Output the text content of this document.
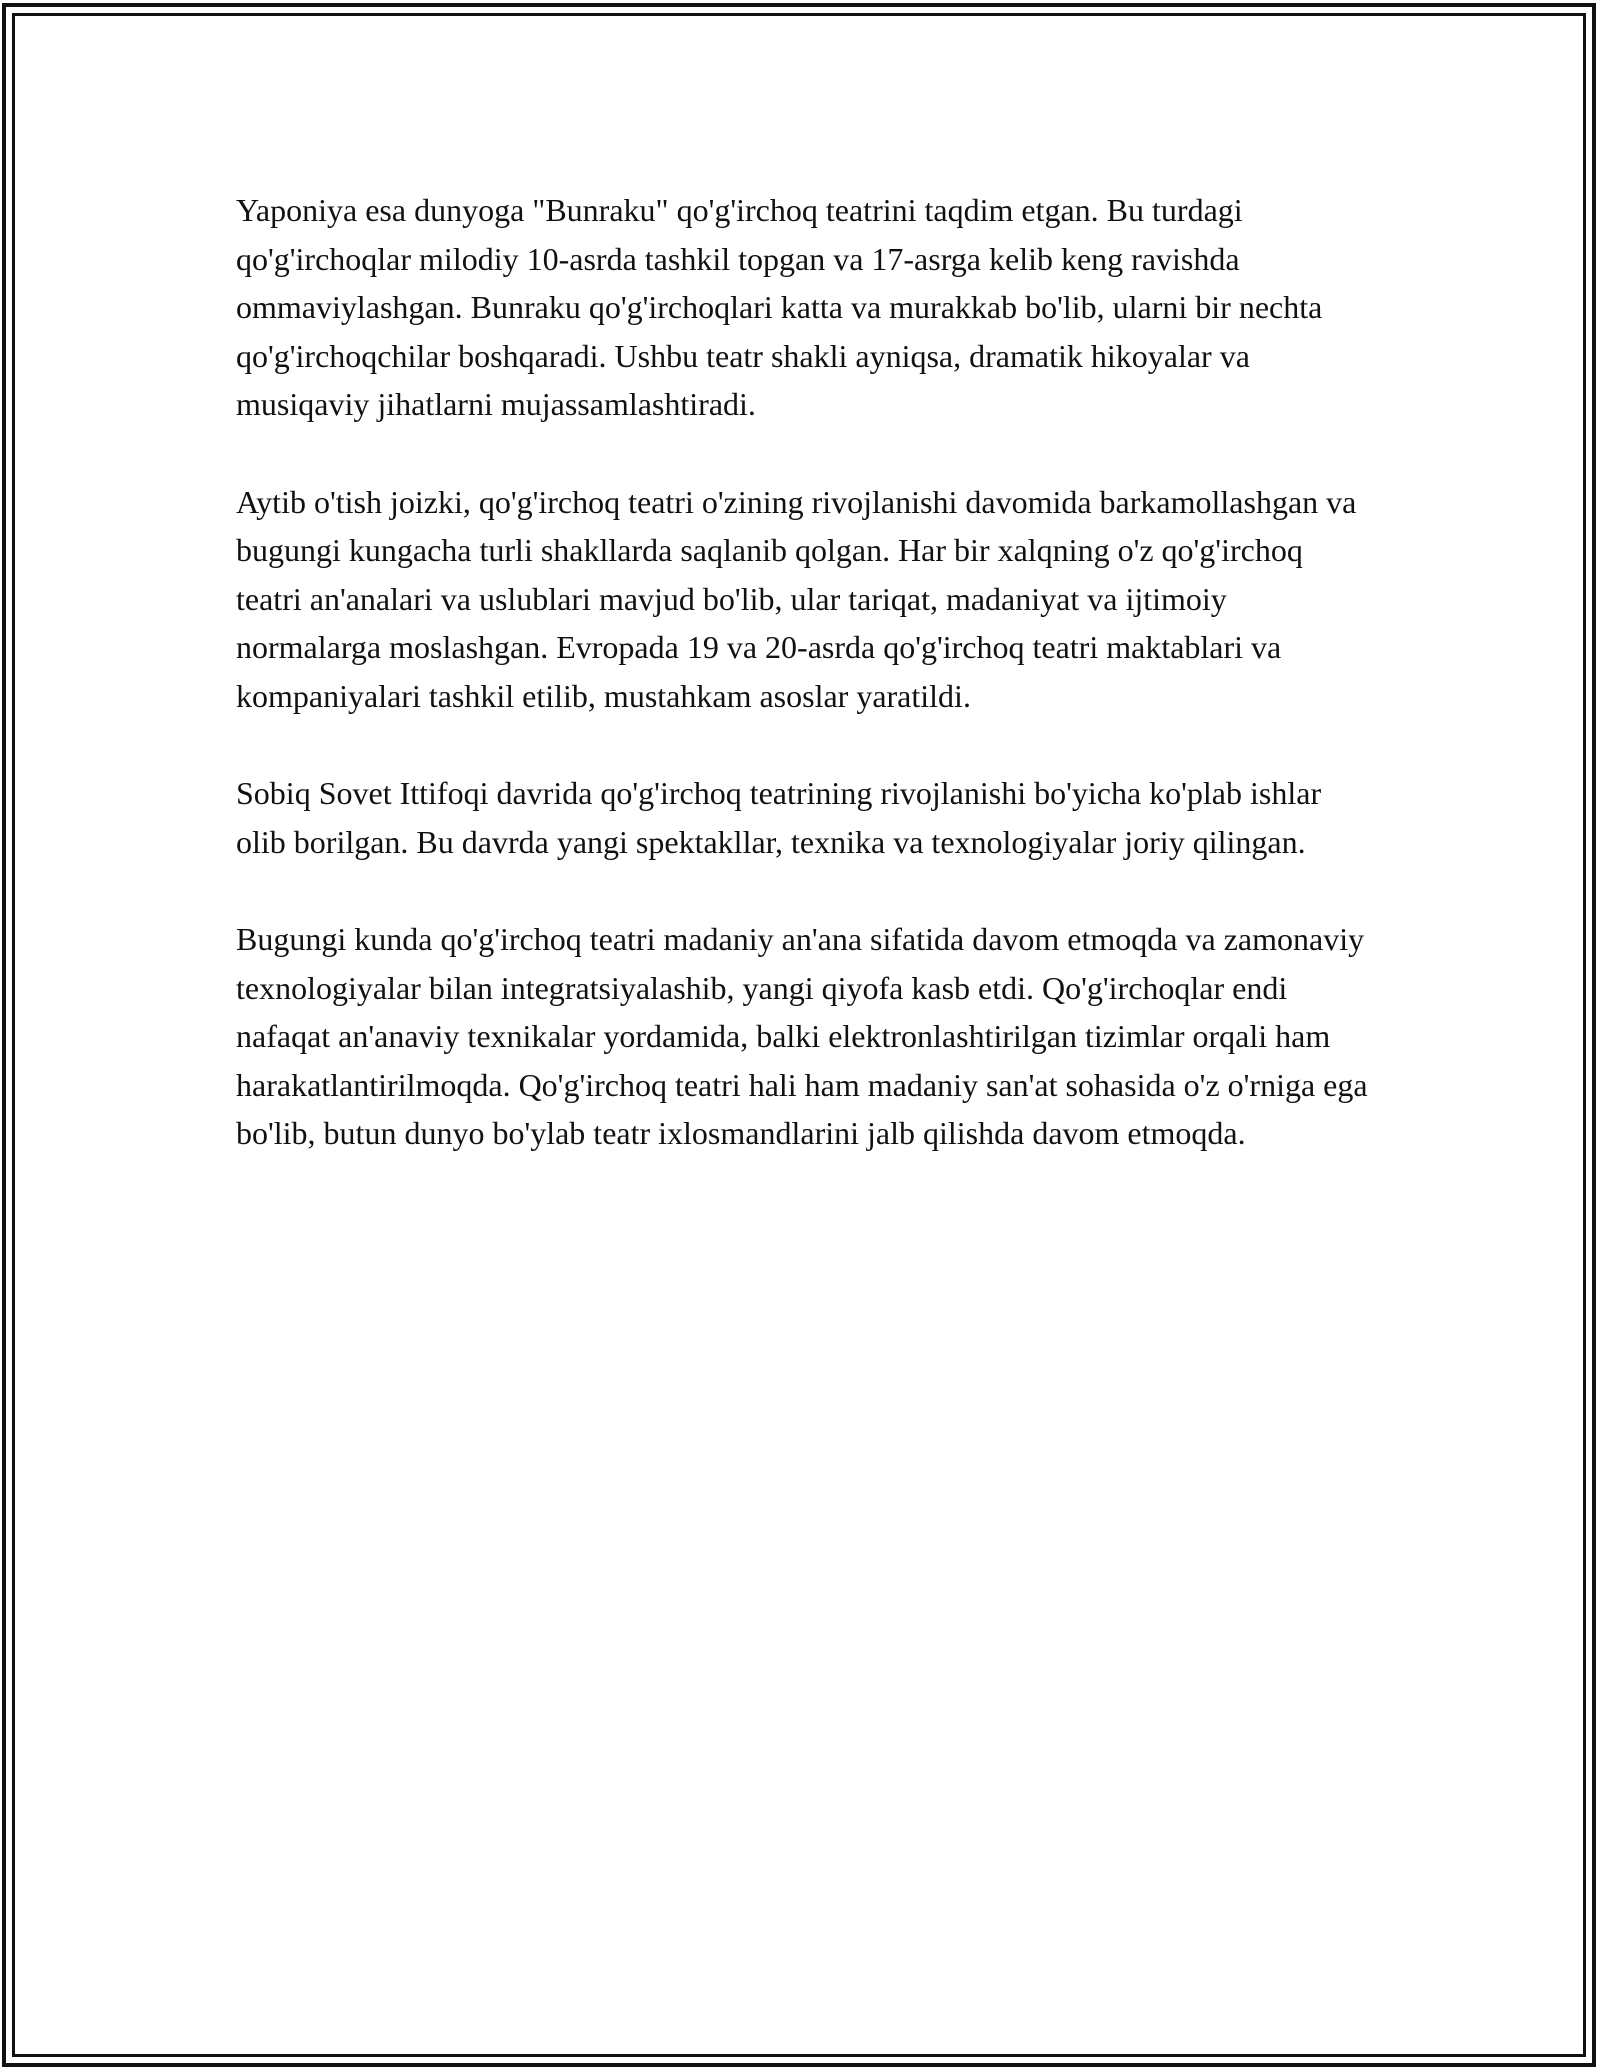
Yaponiya esa dunyoga "Bunraku" qo'g'irchoq teatrini taqdim etgan. Bu turdagi qo'g'irchoqlar milodiy 10-asrda tashkil topgan va 17-asrga kelib keng ravishda ommaviylashgan. Bunraku qo'g'irchoqlari katta va murakkab bo'lib, ularni bir nechta qo'g'irchoqchilar boshqaradi. Ushbu teatr shakli ayniqsa, dramatik hikoyalar va musiqaviy jihatlarni mujassamlashtiradi.

Aytib o'tish joizki, qo'g'irchoq teatri o'zining rivojlanishi davomida barkamollashgan va bugungi kungacha turli shakllarda saqlanib qolgan. Har bir xalqning o'z qo'g'irchoq teatri an'analari va uslublari mavjud bo'lib, ular tariqat, madaniyat va ijtimoiy normalarga moslashgan. Evropada 19 va 20-asrda qo'g'irchoq teatri maktablari va kompaniyalari tashkil etilib, mustahkam asoslar yaratildi.

Sobiq Sovet Ittifoqi davrida qo'g'irchoq teatrining rivojlanishi bo'yicha ko'plab ishlar olib borilgan. Bu davrda yangi spektakllar, texnika va texnologiyalar joriy qilingan.

Bugungi kunda qo'g'irchoq teatri madaniy an'ana sifatida davom etmoqda va zamonaviy texnologiyalar bilan integratsiyalashib, yangi qiyofa kasb etdi. Qo'g'irchoqlar endi nafaqat an'anaviy texnikalar yordamida, balki elektronlashtirilgan tizimlar orqali ham harakatlantirilmoqda. Qo'g'irchoq teatri hali ham madaniy san'at sohasida o'z o'rniga ega bo'lib, butun dunyo bo'ylab teatr ixlosmandlarini jalb qilishda davom etmoqda.
